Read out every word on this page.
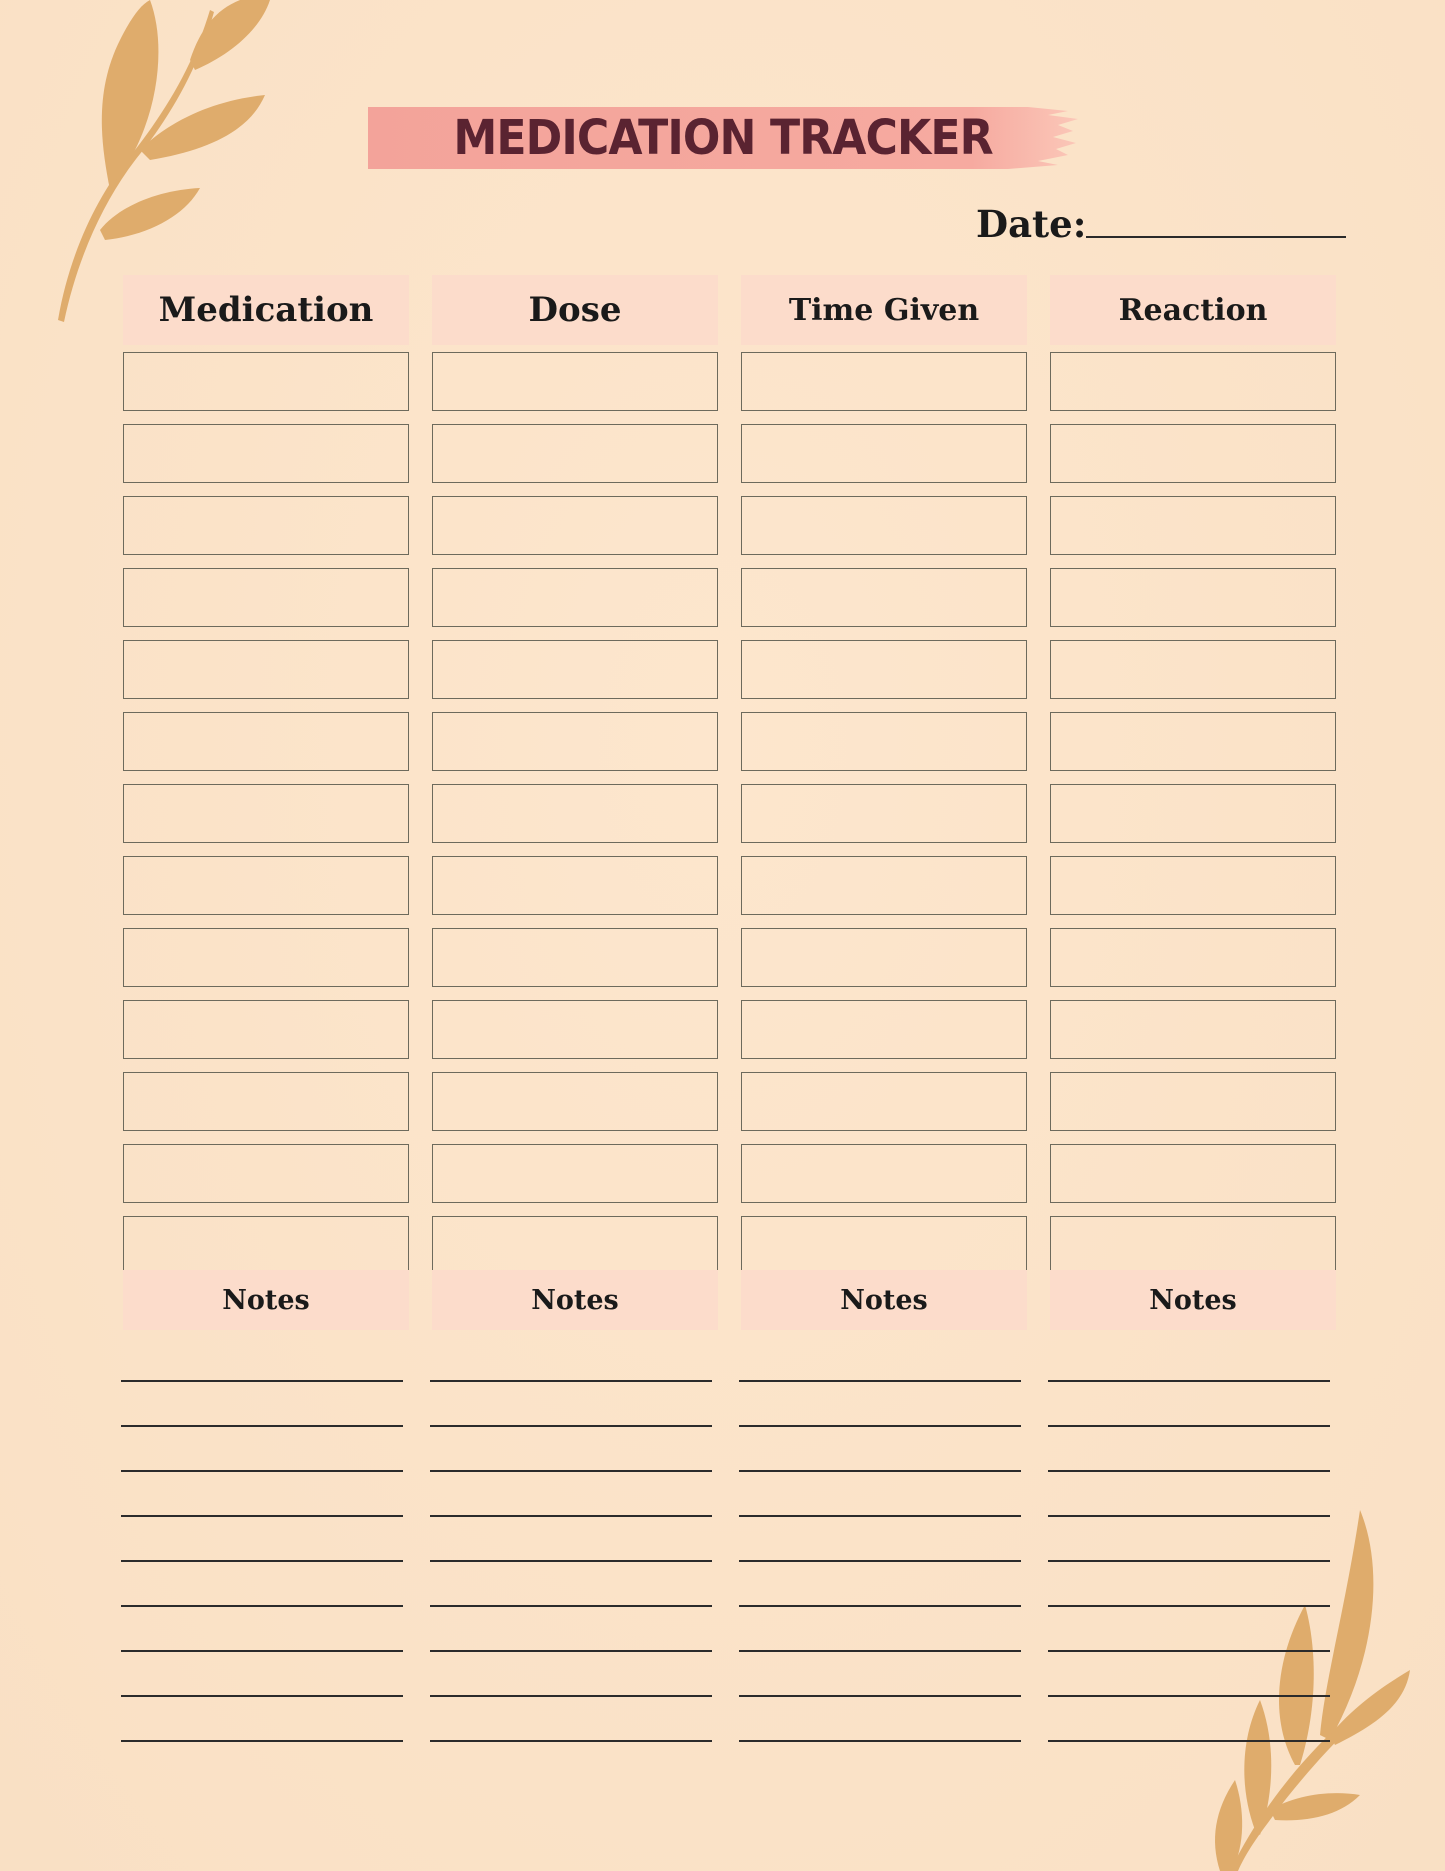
MEDICATION TRACKER
Date:
Medication
Notes
Dose
Notes
Time Given
Notes
Reaction
Notes
